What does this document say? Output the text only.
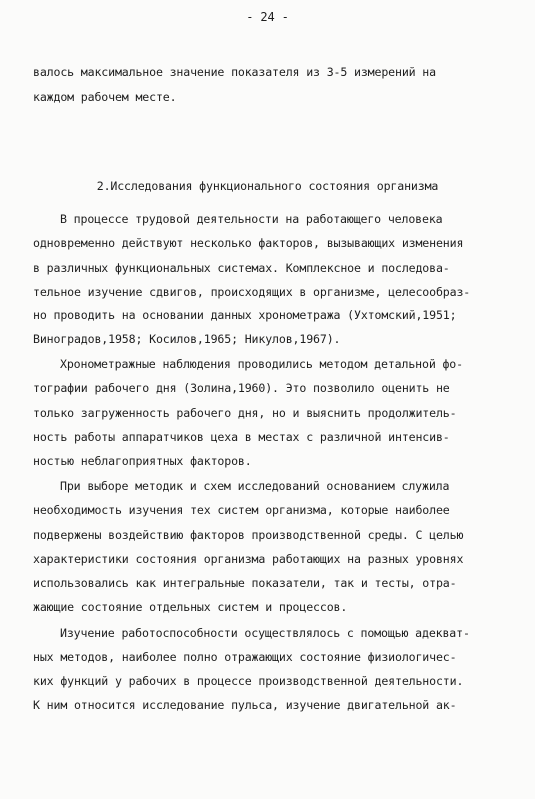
- 24 -
валось максимальное значение показателя из 3-5 измерений на
каждом рабочем месте.
2.Исследования функционального состояния организма
В процессе трудовой деятельности на работающего человека
одновременно действуют несколько факторов, вызывающих изменения
в различных функциональных системах. Комплексное и последова-
тельное изучение сдвигов, происходящих в организме, целесообраз-
но проводить на основании данных хронометража (Ухтомский,1951;
Виноградов,1958; Косилов,1965; Никулов,1967).
Хронометражные наблюдения проводились методом детальной фо-
тографии рабочего дня (Золина,1960). Это позволило оценить не
только загруженность рабочего дня, но и выяснить продолжитель-
ность работы аппаратчиков цеха в местах с различной интенсив-
ностью неблагоприятных факторов.
При выборе методик и схем исследований основанием служила
необходимость изучения тех систем организма, которые наиболее
подвержены воздействию факторов производственной среды. С целью
характеристики состояния организма работающих на разных уровнях
использовались как интегральные показатели, так и тесты, отра-
жающие состояние отдельных систем и процессов.
Изучение работоспособности осуществлялось с помощью адекват-
ных методов, наиболее полно отражающих состояние физиологичес-
ких функций у рабочих в процессе производственной деятельности.
К ним относится исследование пульса, изучение двигательной ак-
